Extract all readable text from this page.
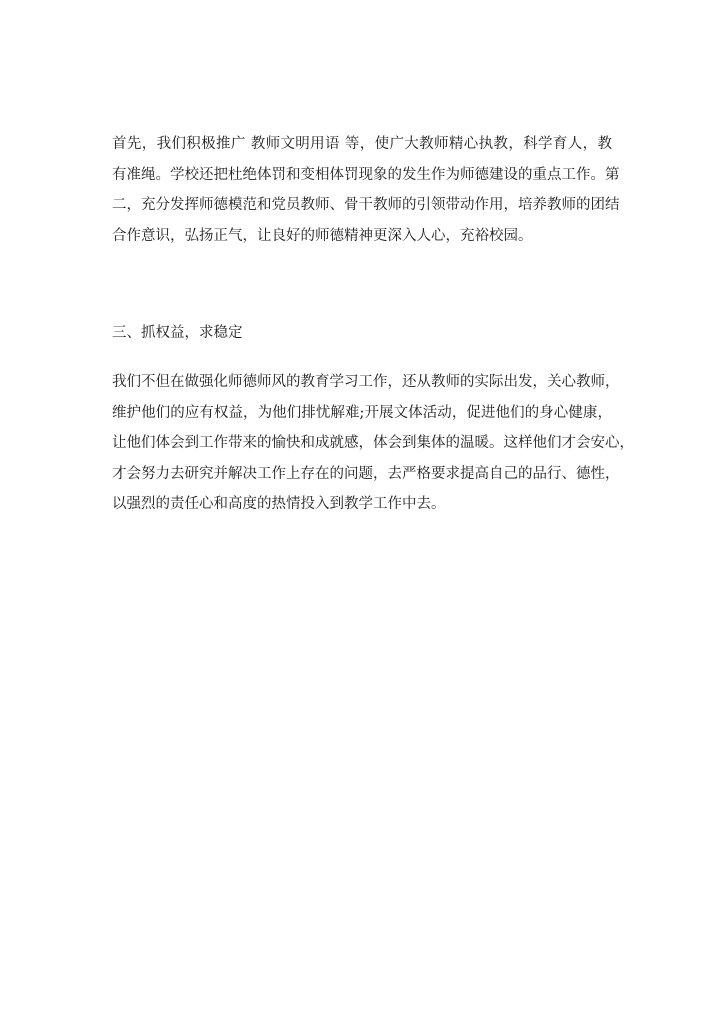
首先，我们积极推广 教师文明用语 等，使广大教师精心执教，科学育人，教
有准绳。学校还把杜绝体罚和变相体罚现象的发生作为师德建设的重点工作。第
二，充分发挥师德模范和党员教师、骨干教师的引领带动作用，培养教师的团结
合作意识，弘扬正气，让良好的师德精神更深入人心，充裕校园。
三、抓权益，求稳定
我们不但在做强化师德师风的教育学习工作，还从教师的实际出发，关心教师，
维护他们的应有权益，为他们排忧解难;开展文体活动，促进他们的身心健康，
让他们体会到工作带来的愉快和成就感，体会到集体的温暖。这样他们才会安心，
才会努力去研究并解决工作上存在的问题，去严格要求提高自己的品行、德性，
以强烈的责任心和高度的热情投入到教学工作中去。
